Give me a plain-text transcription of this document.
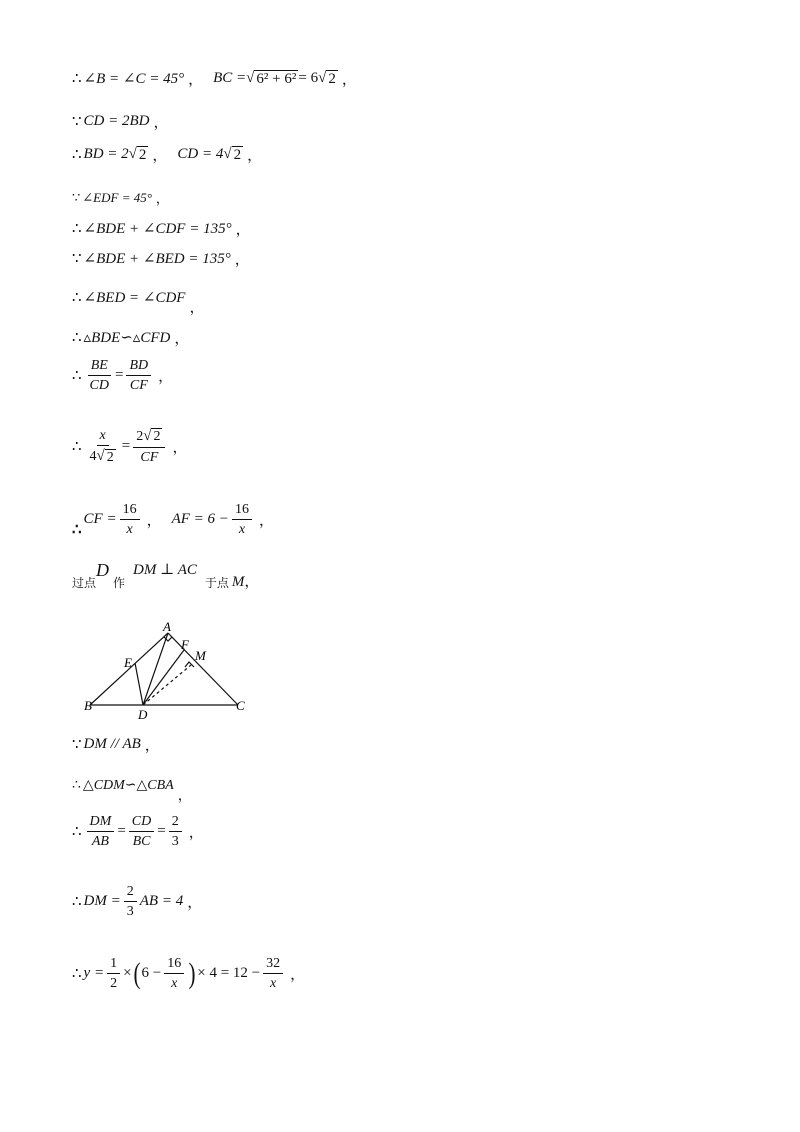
∴ ∠B = ∠C = 45° ， BC = √ 6² + 6² = 6 √ 2 ，
∵ CD = 2BD ，
∴ BD = 2 √ 2 ， CD = 4 √ 2 ，
∵ ∠EDF = 45° ，
∴ ∠BDE + ∠CDF = 135° ，
∵ ∠BDE + ∠BED = 135° ，
∴ ∠BED = ∠CDF
，
∴ ▵BDE∽▵CFD ，
∴ $\frac{BE}{CD} = \frac{BD}{CF}$ ，
∴ $\frac{x}{4 √ 2} = \frac{2 √ 2}{CF}$ ，
∴
CF = $\frac{16}{x}$ ， AF = $6 - \frac{16}{x}$ ，
过点
D
作
DM ⊥ AC
于点 M ，
A
B	C
D
E
F
M
∵ DM // AB ，
∴ △CDM∽△CBA
，
∴ $\frac{DM}{AB} = \frac{CD}{BC} = \frac{2}{3}$ ，
∴ DM = $\frac{2}{3}$ AB = 4 ，
∴ $y = \frac{1}{2}$ × ( $6 - \frac{16}{x}$ ) × $4 = 12 - \frac{32}{x}$ ，
